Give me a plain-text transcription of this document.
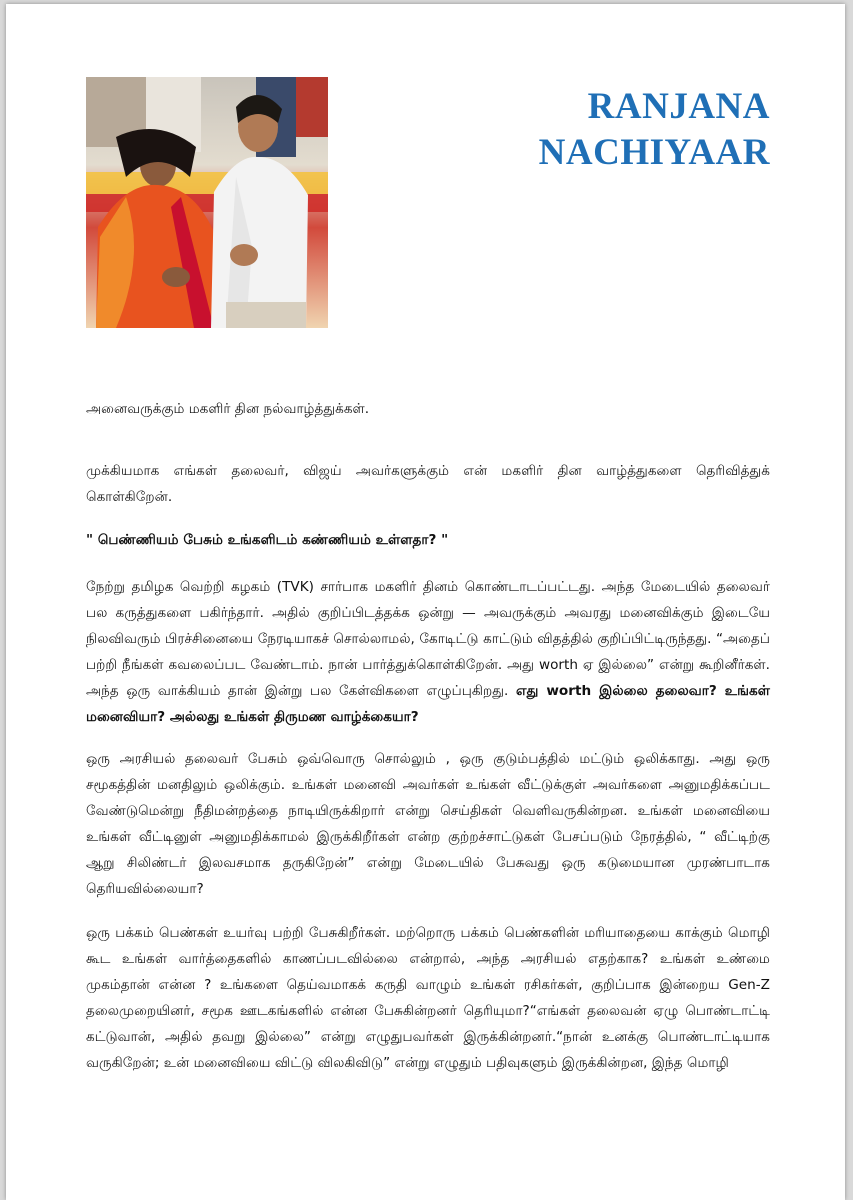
RANJANA
NACHIYAAR

அனைவருக்கும் மகளிர் தின நல்வாழ்த்துக்கள்.

முக்கியமாக எங்கள் தலைவர், விஜய் அவர்களுக்கும் என் மகளிர் தின வாழ்த்துகளை தெரிவித்துக் கொள்கிறேன்.

" பெண்ணியம் பேசும் உங்களிடம் கண்ணியம் உள்ளதா? "

நேற்று தமிழக வெற்றி கழகம் (TVK) சார்பாக மகளிர் தினம் கொண்டாடப்பட்டது. அந்த மேடையில் தலைவர் பல கருத்துகளை பகிர்ந்தார். அதில் குறிப்பிடத்தக்க ஒன்று — அவருக்கும் அவரது மனைவிக்கும் இடையே நிலவிவரும் பிரச்சினையை நேரடியாகச் சொல்லாமல், கோடிட்டு காட்டும் விதத்தில் குறிப்பிட்டிருந்தது. “அதைப் பற்றி நீங்கள் கவலைப்பட வேண்டாம். நான் பார்த்துக்கொள்கிறேன். அது worth ஏ இல்லை” என்று கூறினீர்கள். அந்த ஒரு வாக்கியம் தான் இன்று பல கேள்விகளை எழுப்புகிறது. எது worth இல்லை தலைவா? உங்கள் மனைவியா? அல்லது உங்கள் திருமண வாழ்க்கையா?

ஒரு அரசியல் தலைவர் பேசும் ஒவ்வொரு சொல்லும் , ஒரு குடும்பத்தில் மட்டும் ஒலிக்காது. அது ஒரு சமூகத்தின் மனதிலும் ஒலிக்கும். உங்கள் மனைவி அவர்கள் உங்கள் வீட்டுக்குள் அவர்களை அனுமதிக்கப்பட வேண்டுமென்று நீதிமன்றத்தை நாடியிருக்கிறார் என்று செய்திகள் வெளிவருகின்றன. உங்கள் மனைவியை உங்கள் வீட்டினுள் அனுமதிக்காமல் இருக்கிறீர்கள் என்ற குற்றச்சாட்டுகள் பேசப்படும் நேரத்தில், “ வீட்டிற்கு ஆறு சிலிண்டர் இலவசமாக தருகிறேன்” என்று மேடையில் பேசுவது ஒரு கடுமையான முரண்பாடாக தெரியவில்லையா?

ஒரு பக்கம் பெண்கள் உயர்வு பற்றி பேசுகிறீர்கள். மற்றொரு பக்கம் பெண்களின் மரியாதையை காக்கும் மொழி கூட உங்கள் வார்த்தைகளில் காணப்படவில்லை என்றால், அந்த அரசியல் எதற்காக? உங்கள் உண்மை முகம்தான் என்ன ? உங்களை தெய்வமாகக் கருதி வாழும் உங்கள் ரசிகர்கள், குறிப்பாக இன்றைய Gen-Z தலைமுறையினர், சமூக ஊடகங்களில் என்ன பேசுகின்றனர் தெரியுமா?“எங்கள் தலைவன் ஏழு பொண்டாட்டி கட்டுவான், அதில் தவறு இல்லை” என்று எழுதுபவர்கள் இருக்கின்றனர்.“நான் உனக்கு பொண்டாட்டியாக வருகிறேன்; உன் மனைவியை விட்டு விலகிவிடு” என்று எழுதும் பதிவுகளும் இருக்கின்றன, இந்த மொழி
